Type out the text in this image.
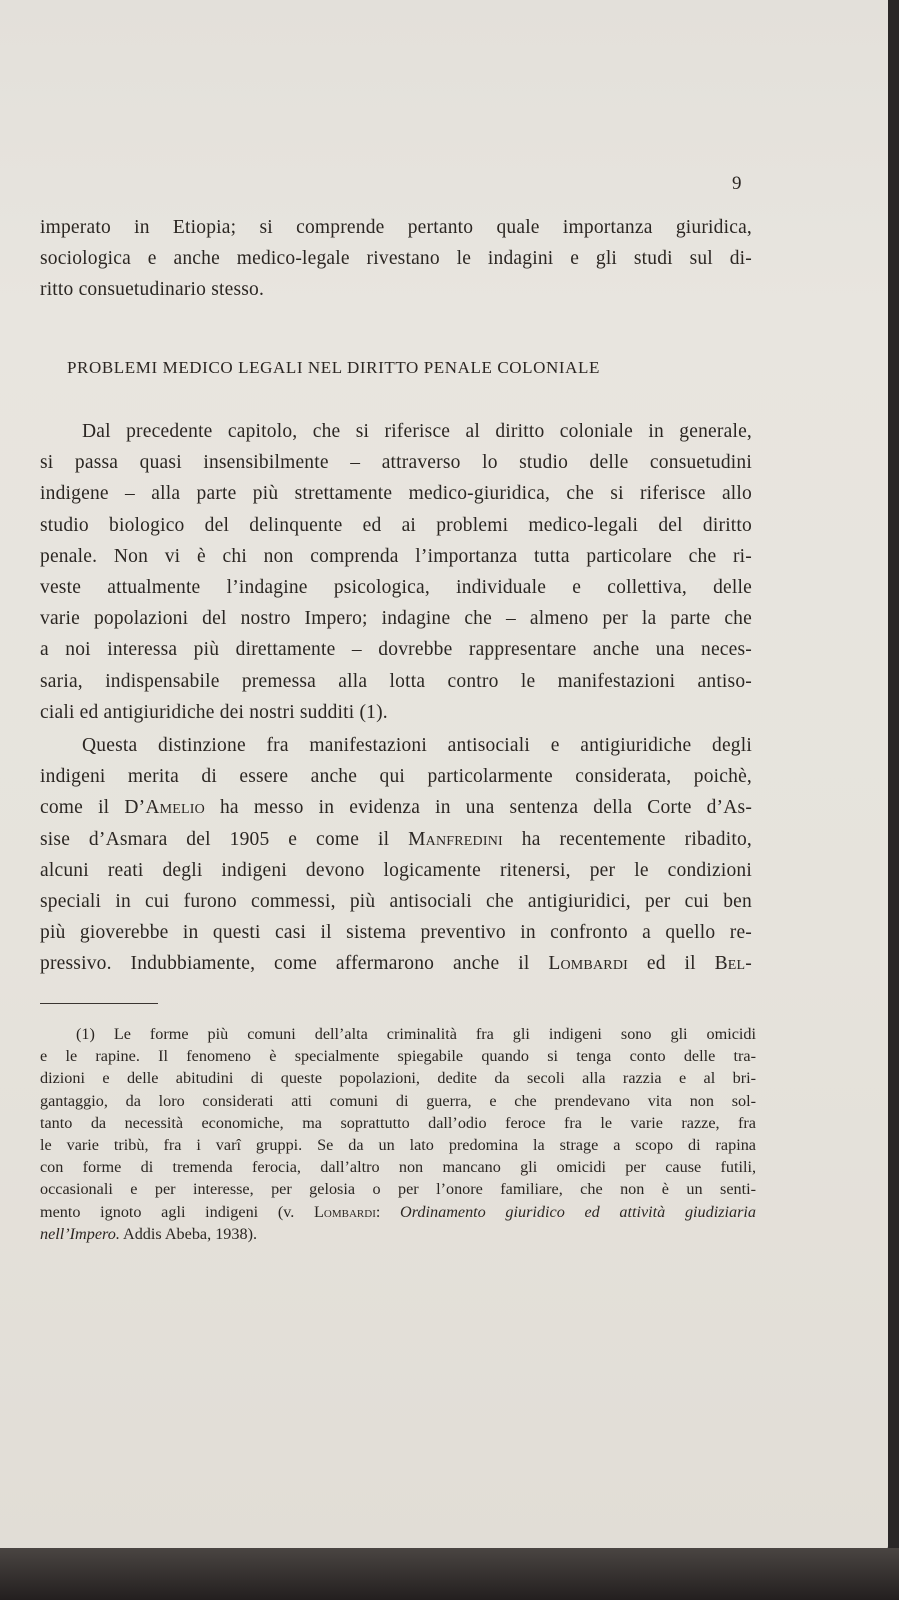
9
imperato in Etiopia; si comprende pertanto quale importanza giuridica,
sociologica e anche medico-legale rivestano le indagini e gli studi sul di-
ritto consuetudinario stesso.
PROBLEMI MEDICO LEGALI NEL DIRITTO PENALE COLONIALE
Dal precedente capitolo, che si riferisce al diritto coloniale in generale,
si passa quasi insensibilmente – attraverso lo studio delle consuetudini
indigene – alla parte più strettamente medico-giuridica, che si riferisce allo
studio biologico del delinquente ed ai problemi medico-legali del diritto
penale. Non vi è chi non comprenda l’importanza tutta particolare che ri-
veste attualmente l’indagine psicologica, individuale e collettiva, delle
varie popolazioni del nostro Impero; indagine che – almeno per la parte che
a noi interessa più direttamente – dovrebbe rappresentare anche una neces-
saria, indispensabile premessa alla lotta contro le manifestazioni antiso-
ciali ed antigiuridiche dei nostri sudditi (1).
Questa distinzione fra manifestazioni antisociali e antigiuridiche degli
indigeni merita di essere anche qui particolarmente considerata, poichè,
come il D’Amelio ha messo in evidenza in una sentenza della Corte d’As-
sise d’Asmara del 1905 e come il Manfredini ha recentemente ribadito,
alcuni reati degli indigeni devono logicamente ritenersi, per le condizioni
speciali in cui furono commessi, più antisociali che antigiuridici, per cui ben
più gioverebbe in questi casi il sistema preventivo in confronto a quello re-
pressivo. Indubbiamente, come affermarono anche il Lombardi ed il Bel-
(1) Le forme più comuni dell’alta criminalità fra gli indigeni sono gli omicidi
e le rapine. Il fenomeno è specialmente spiegabile quando si tenga conto delle tra-
dizioni e delle abitudini di queste popolazioni, dedite da secoli alla razzia e al bri-
gantaggio, da loro considerati atti comuni di guerra, e che prendevano vita non sol-
tanto da necessità economiche, ma soprattutto dall’odio feroce fra le varie razze, fra
le varie tribù, fra i varî gruppi. Se da un lato predomina la strage a scopo di rapina
con forme di tremenda ferocia, dall’altro non mancano gli omicidi per cause futili,
occasionali e per interesse, per gelosia o per l’onore familiare, che non è un senti-
mento ignoto agli indigeni (v. Lombardi: Ordinamento giuridico ed attività giudiziaria
nell’Impero. Addis Abeba, 1938).
